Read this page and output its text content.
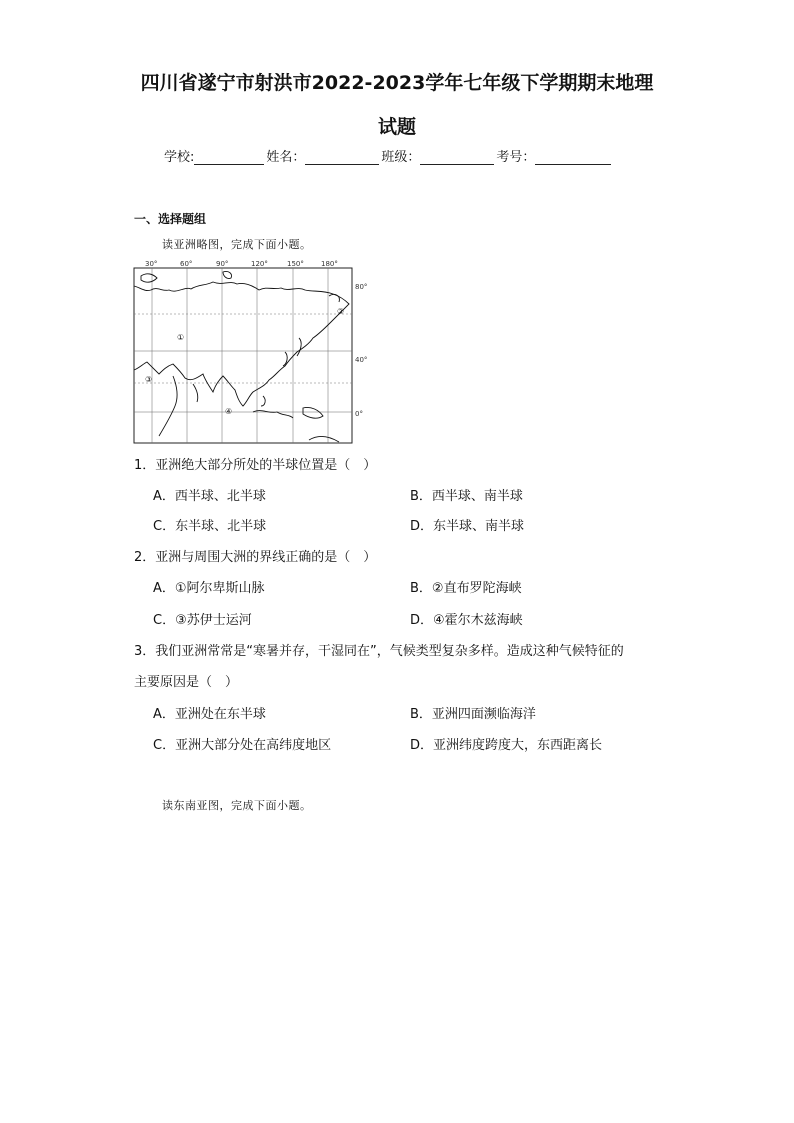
四川省遂宁市射洪市2022-2023学年七年级下学期期末地理
试题
学校:	姓名：	班级：	考号：
一、选择题组
读亚洲略图，完成下面小题。
30°	60°	90°	120°	150° 180°
80°
40°
0°
①
②
③
④
1．亚洲绝大部分所处的半球位置是（　）
A．西半球、北半球	B．西半球、南半球
C．东半球、北半球	D．东半球、南半球
2．亚洲与周围大洲的界线正确的是（　）
A．①阿尔卑斯山脉	B．②直布罗陀海峡
C．③苏伊士运河	D．④霍尔木兹海峡
3．我们亚洲常常是“寒暑并存，干湿同在”，气候类型复杂多样。造成这种气候特征的
主要原因是（　）
A．亚洲处在东半球	B．亚洲四面濒临海洋
C．亚洲大部分处在高纬度地区	D．亚洲纬度跨度大，东西距离长
读东南亚图，完成下面小题。
